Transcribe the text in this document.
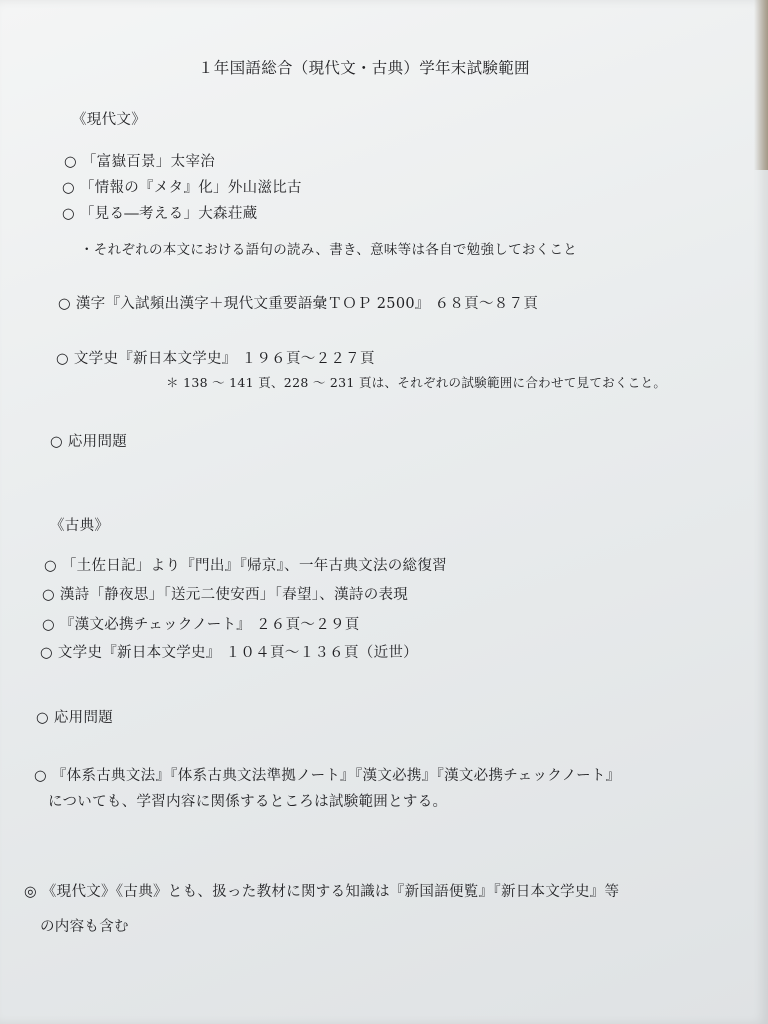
１年国語総合（現代文・古典）学年末試験範囲
《現代文》
○ 「富嶽百景」太宰治
○ 「情報の『メタ』化」外山滋比古
○ 「見る―考える」大森荘蔵
・それぞれの本文における語句の読み、書き、意味等は各自で勉強しておくこと
○ 漢字『入試頻出漢字＋現代文重要語彙ＴＯＰ 2500』 ６８頁〜８７頁
○ 文学史『新日本文学史』 １９６頁〜２２７頁
＊ 138 〜 141 頁、228 〜 231 頁は、それぞれの試験範囲に合わせて見ておくこと。
○ 応用問題
《古典》
○ 「土佐日記」より『門出』『帰京』、一年古典文法の総復習
○ 漢詩「静夜思」「送元二使安西」「春望」、漢詩の表現
○ 『漢文必携チェックノート』 ２６頁〜２９頁
○ 文学史『新日本文学史』 １０４頁〜１３６頁（近世）
○ 応用問題
○ 『体系古典文法』『体系古典文法準拠ノート』『漢文必携』『漢文必携チェックノート』
についても、学習内容に関係するところは試験範囲とする。
◎ 《現代文》《古典》とも、扱った教材に関する知識は『新国語便覧』『新日本文学史』等
の内容も含む
